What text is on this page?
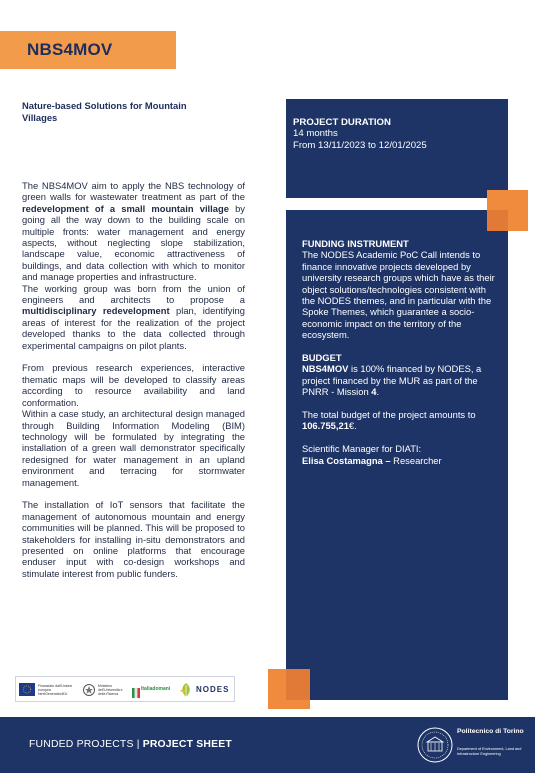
NBS4MOV
Nature-based Solutions for Mountain Villages	PROJECT DURATION
14 months
From 13/11/2023 to 12/01/2025

The NBS4MOV aim to apply the NBS technology of green walls for wastewater treatment as part of the redevelopment of a small mountain village by going all the way down to the building scale on multiple fronts: water management and energy aspects, without neglecting slope stabilization, landscape value, economic attractiveness of buildings, and data collection with which to monitor and manage properties and infrastructure.

The working group was born from the union of engineers and architects to propose a multidisciplinary redevelopment plan, identifying areas of interest for the realization of the project developed thanks to the data collected through experimental campaigns on pilot plants.

From previous research experiences, interactive thematic maps will be developed to classify areas according to resource availability and land conformation.

Within a case study, an architectural design managed through Building Information Modeling (BIM) technology will be formulated by integrating the installation of a green wall demonstrator specifically redesigned for water management in an upland environment and terracing for stormwater management.

The installation of IoT sensors that facilitate the management of autonomous mountain and energy communities will be planned. This will be proposed to stakeholders for installing in-situ demonstrators and presented on online platforms that encourage enduser input with co-design workshops and stimulate interest from public funders.

FUNDING INSTRUMENT

The NODES Academic PoC Call intends to finance innovative projects developed by university research groups which have as their object solutions/technologies consistent with the NODES themes, and in particular with the Spoke Themes, which guarantee a socio-economic impact on the territory of the ecosystem.

BUDGET

NBS4MOV is 100% financed by NODES, a project financed by the MUR as part of the PNRR - Mission 4.

The total budget of the project amounts to
106.755,21€.

Scientific Manager for DIATI:
Elisa Costamagna – Researcher
Finanziato dall'Unione europea NextGenerationEU
Ministero dell'Università e della Ricerca
Italiadomani	NODES
FUNDED PROJECTS | PROJECT SHEET
Politecnico di Torino
Department of Environment, Land and Infrastructure Engineering
